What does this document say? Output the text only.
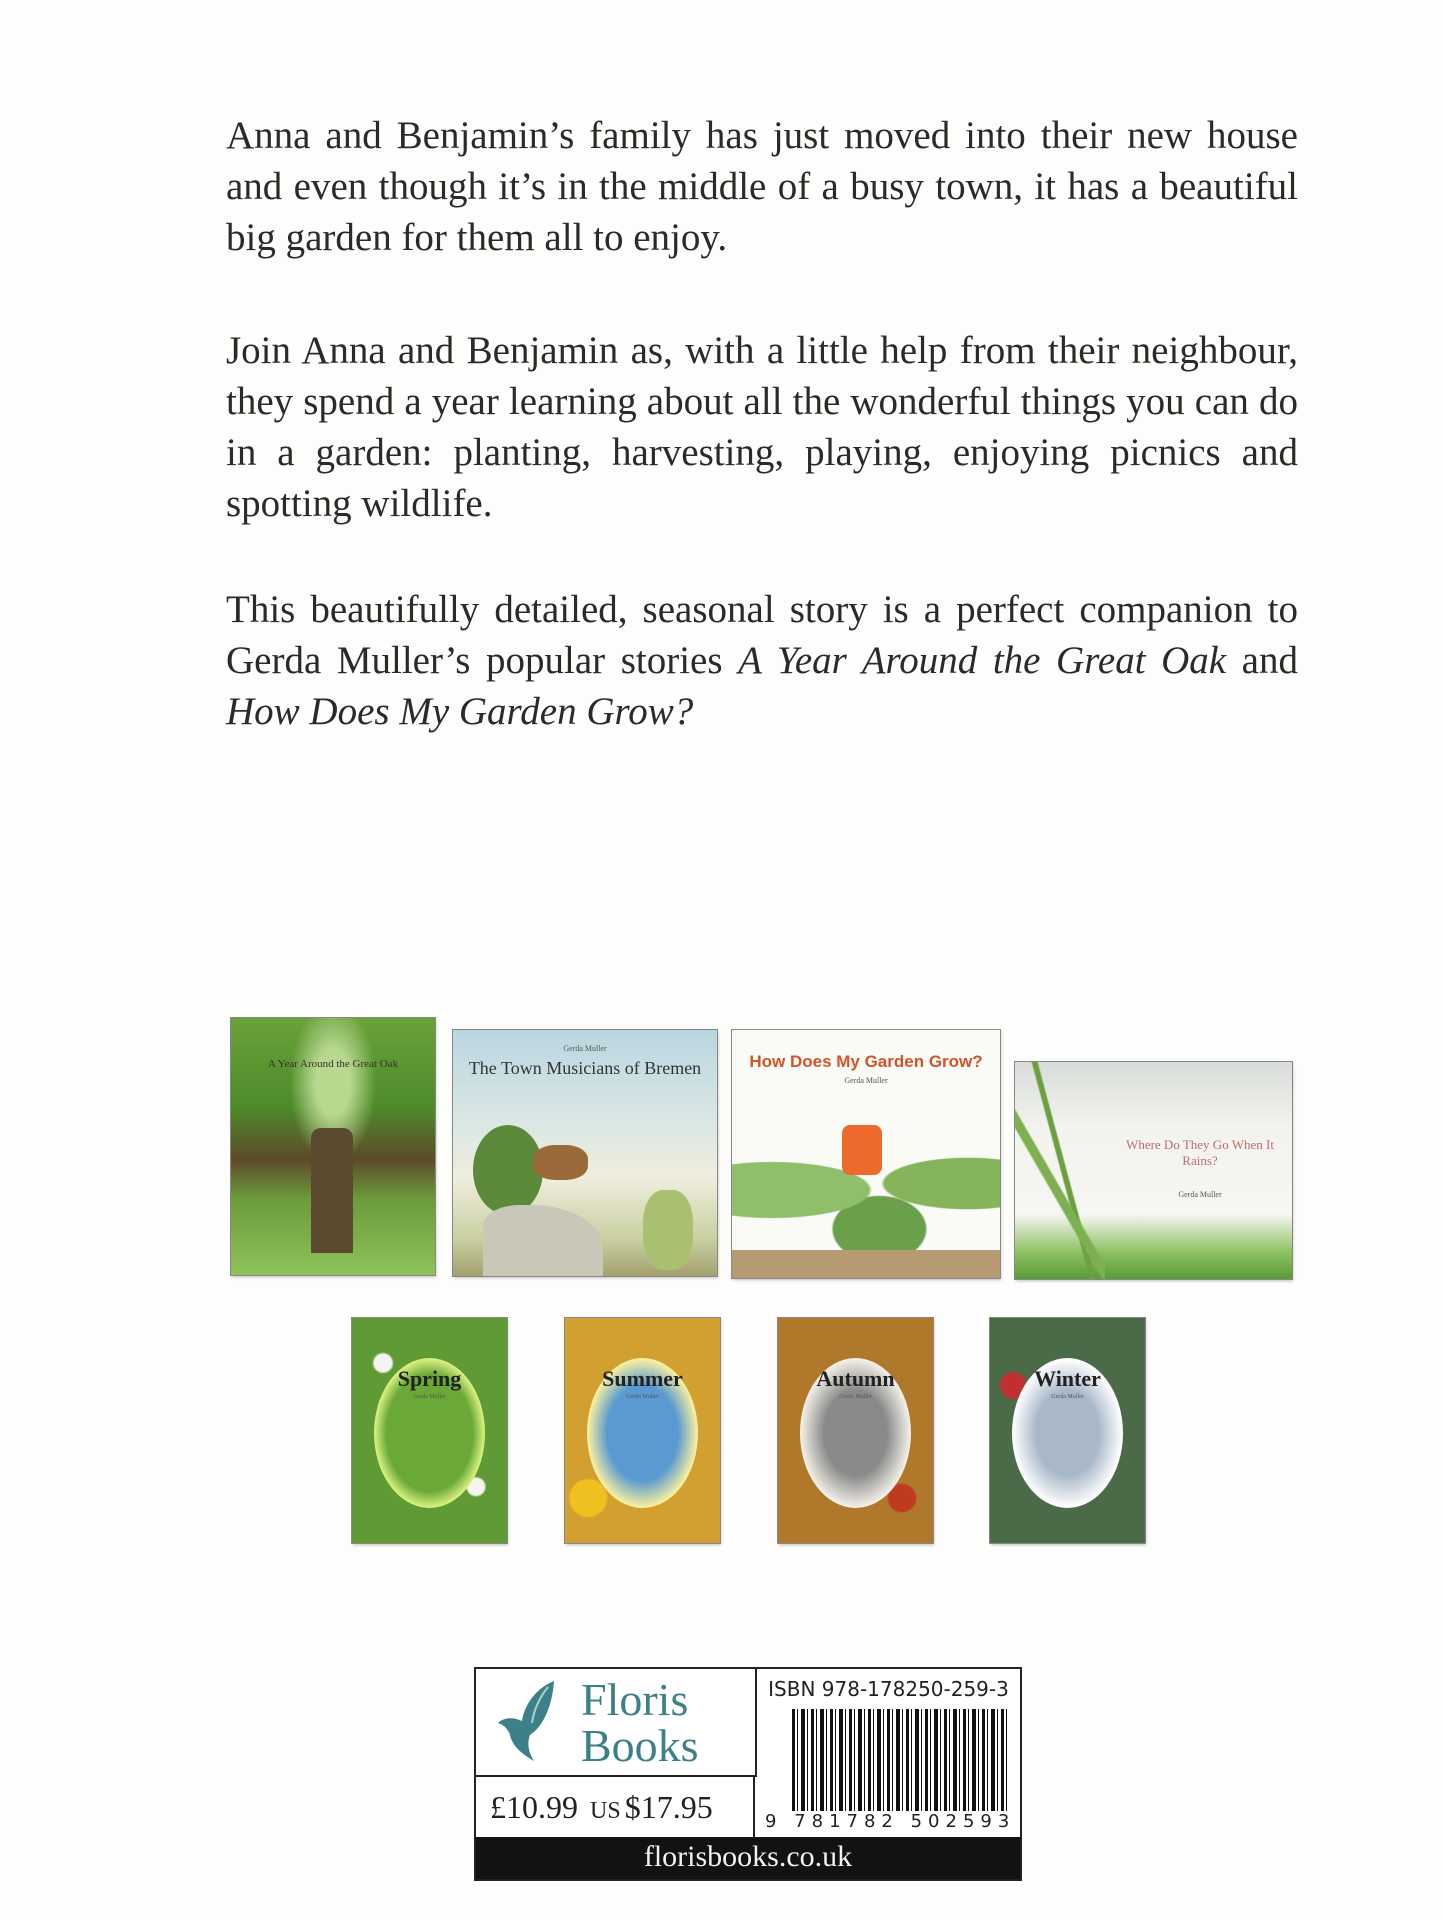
Anna and Benjamin’s family has just moved into their new house and even though it’s in the middle of a busy town, it has a beautiful big garden for them all to enjoy.

Join Anna and Benjamin as, with a little help from their neighbour, they spend a year learning about all the wonderful things you can do in a garden: planting, harvesting, playing, enjoying picnics and spotting wildlife.

This beautifully detailed, seasonal story is a perfect companion to Gerda Muller’s popular stories A Year Around the Great Oak and How Does My Garden Grow?

A Year Around the Great Oak
Gerda Muller
The Town Musicians of Bremen	How Does My Garden Grow?
Gerda Muller
Where Do They Go When It Rains?
Gerda Muller
Spring
Gerda Muller
Summer
Gerda Muller
Autumn
Gerda Muller
Winter
Gerda Muller
Floris
Books
£10.99 US $17.95
ISBN 978-178250-259-3
9 781782 502593
florisbooks.co.uk
